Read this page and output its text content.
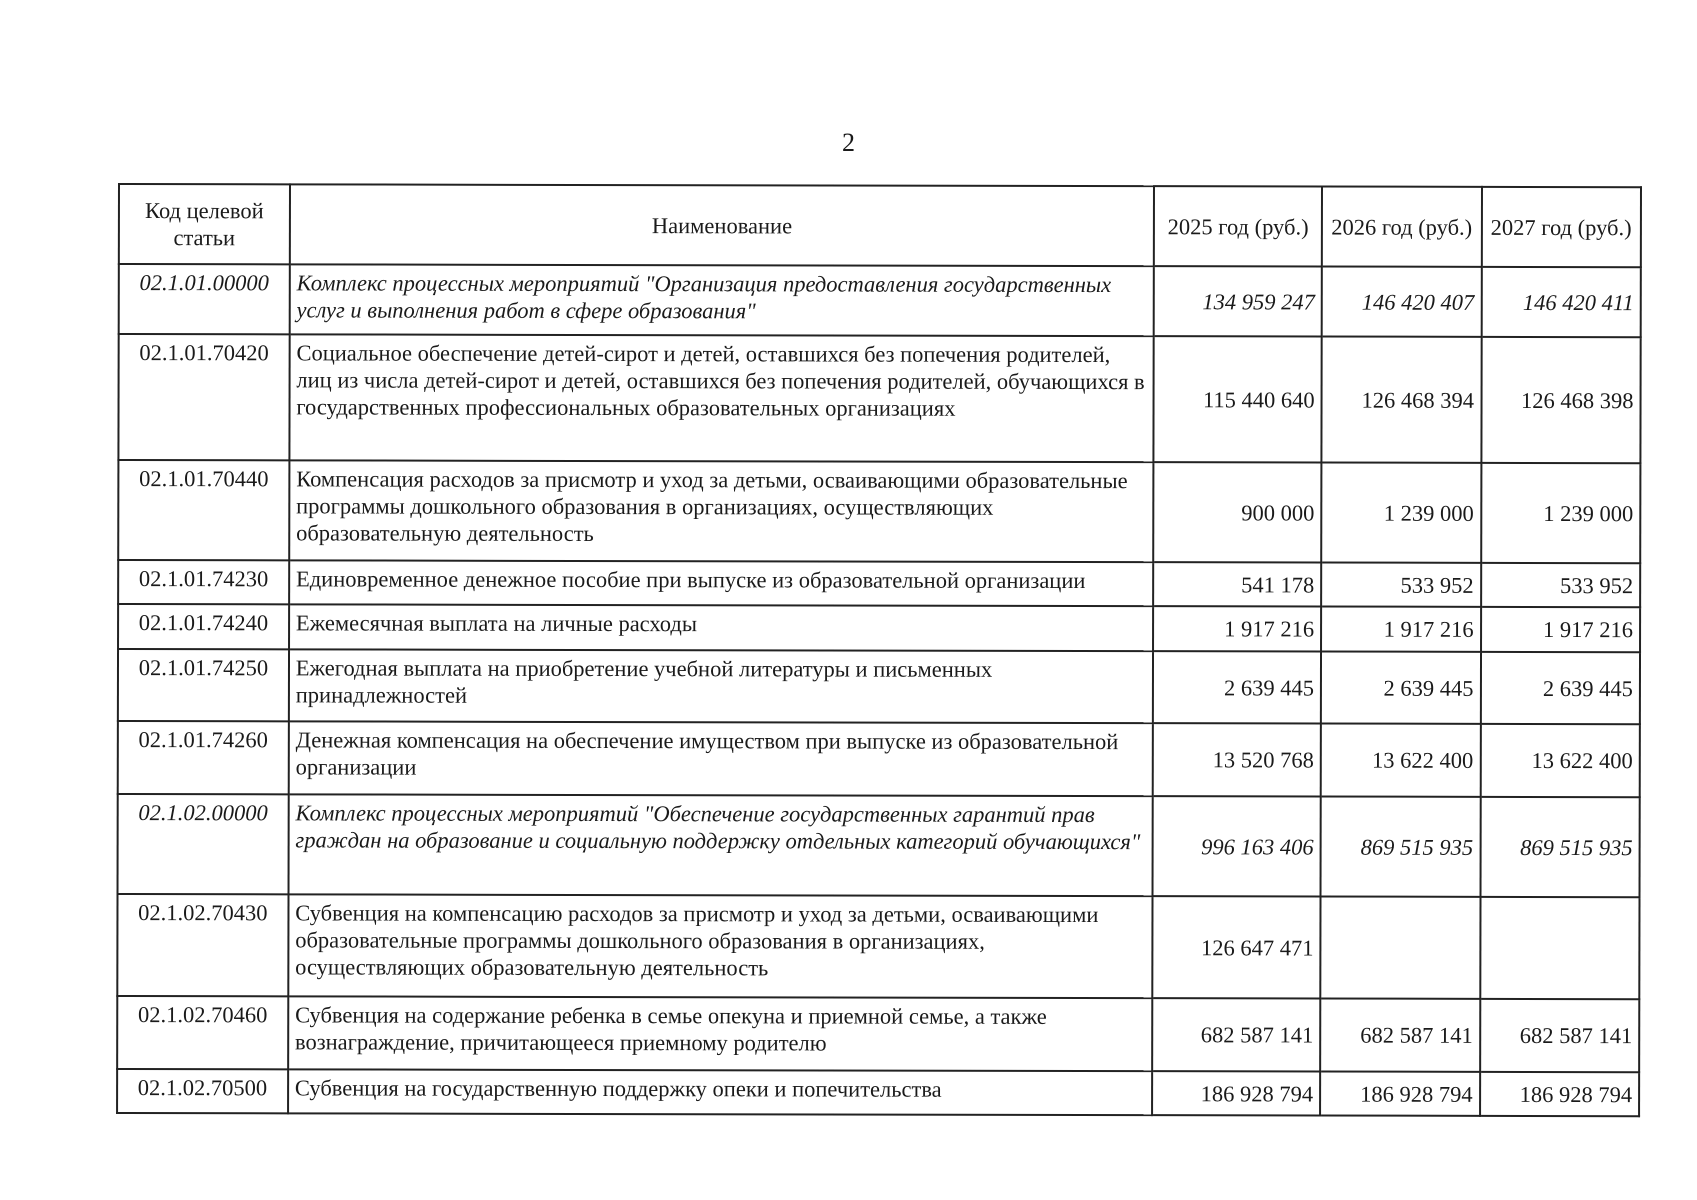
2
Код целевой статьи	Наименование	2025 год (руб.)	2026 год (руб.)	2027 год (руб.)
02.1.01.00000	Комплекс процессных мероприятий "Организация предоставления государственных услуг и выполнения работ в сфере образования"	134 959 247	146 420 407	146 420 411
02.1.01.70420	Социальное обеспечение детей-сирот и детей, оставшихся без попечения родителей, лиц из числа детей-сирот и детей, оставшихся без попечения родителей, обучающихся в государственных профессиональных образовательных организациях	115 440 640	126 468 394	126 468 398
02.1.01.70440	Компенсация расходов за присмотр и уход за детьми, осваивающими образовательные программы дошкольного образования в организациях, осуществляющих образовательную деятельность	900 000	1 239 000	1 239 000
02.1.01.74230	Единовременное денежное пособие при выпуске из образовательной организации	541 178	533 952	533 952
02.1.01.74240	Ежемесячная выплата на личные расходы	1 917 216	1 917 216	1 917 216
02.1.01.74250	Ежегодная выплата на приобретение учебной литературы и письменных принадлежностей	2 639 445	2 639 445	2 639 445
02.1.01.74260	Денежная компенсация на обеспечение имуществом при выпуске из образовательной организации	13 520 768	13 622 400	13 622 400
02.1.02.00000	Комплекс процессных мероприятий "Обеспечение государственных гарантий прав граждан на образование и социальную поддержку отдельных категорий обучающихся"	996 163 406	869 515 935	869 515 935
02.1.02.70430	Субвенция на компенсацию расходов за присмотр и уход за детьми, осваивающими образовательные программы дошкольного образования в организациях, осуществляющих образовательную деятельность	126 647 471		
02.1.02.70460	Субвенция на содержание ребенка в семье опекуна и приемной семье, а также вознаграждение, причитающееся приемному родителю	682 587 141	682 587 141	682 587 141
02.1.02.70500	Субвенция на государственную поддержку опеки и попечительства	186 928 794	186 928 794	186 928 794
